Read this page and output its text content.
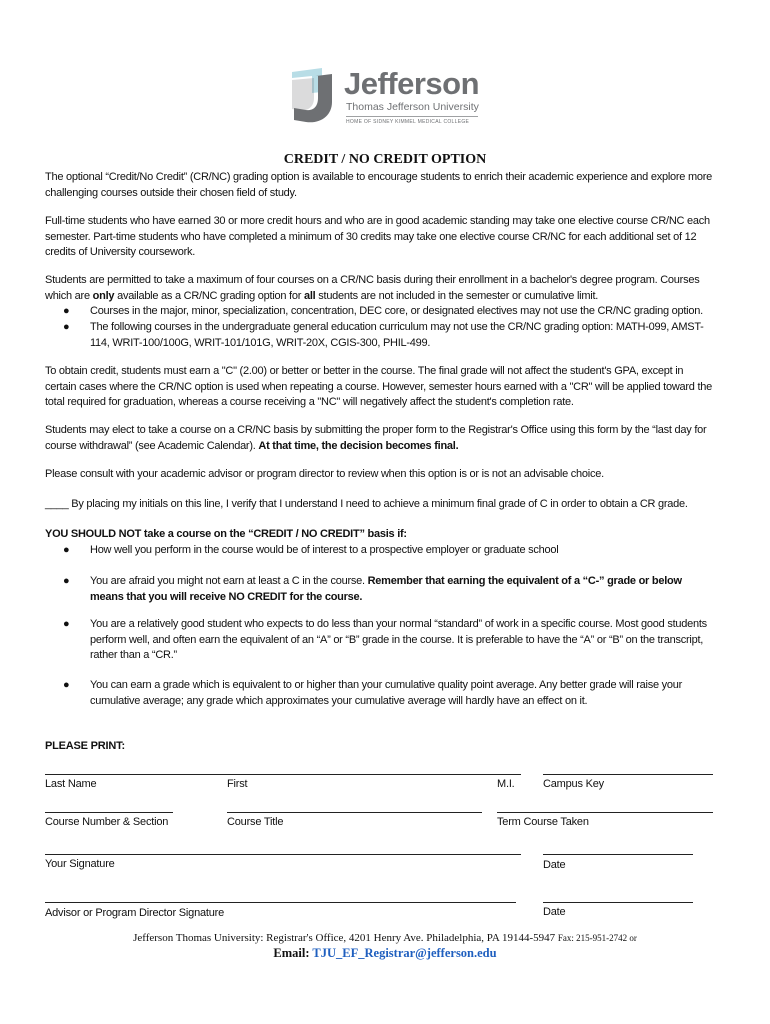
Jefferson
Thomas Jefferson University
HOME OF SIDNEY KIMMEL MEDICAL COLLEGE
CREDIT / NO CREDIT OPTION

The optional “Credit/No Credit” (CR/NC) grading option is available to encourage students to enrich their academic experience and explore more challenging courses outside their chosen field of study.

Full-time students who have earned 30 or more credit hours and who are in good academic standing may take one elective course CR/NC each semester. Part-time students who have completed a minimum of 30 credits may take one elective course CR/NC for each additional set of 12 credits of University coursework.

Students are permitted to take a maximum of four courses on a CR/NC basis during their enrollment in a bachelor's degree program. Courses which are only available as a CR/NC grading option for all students are not included in the semester or cumulative limit.

● Courses in the major, minor, specialization, concentration, DEC core, or designated electives may not use the CR/NC grading option.

● The following courses in the undergraduate general education curriculum may not use the CR/NC grading option: MATH-099, AMST-114, WRIT-100/100G, WRIT-101/101G, WRIT-20X, CGIS-300, PHIL-499.

To obtain credit, students must earn a "C" (2.00) or better or better in the course. The final grade will not affect the student's GPA, except in certain cases where the CR/NC option is used when repeating a course. However, semester hours earned with a "CR" will be applied toward the total required for graduation, whereas a course receiving a "NC" will negatively affect the student's completion rate.

Students may elect to take a course on a CR/NC basis by submitting the proper form to the Registrar's Office using this form by the “last day for course withdrawal” (see Academic Calendar). At that time, the decision becomes final.

Please consult with your academic advisor or program director to review when this option is or is not an advisable choice.

____ By placing my initials on this line, I verify that I understand I need to achieve a minimum final grade of C in order to obtain a CR grade.

YOU SHOULD NOT take a course on the “CREDIT / NO CREDIT” basis if:

● How well you perform in the course would be of interest to a prospective employer or graduate school

● You are afraid you might not earn at least a C in the course. Remember that earning the equivalent of a “C-” grade or below means that you will receive NO CREDIT for the course.

● You are a relatively good student who expects to do less than your normal “standard” of work in a specific course. Most good students perform well, and often earn the equivalent of an “A” or “B” grade in the course. It is preferable to have the “A” or “B” on the transcript, rather than a “CR.”

● You can earn a grade which is equivalent to or higher than your cumulative quality point average. Any better grade will raise your cumulative average; any grade which approximates your cumulative average will hardly have an effect on it.

PLEASE PRINT:
Last Name	First	M.I.	Campus Key
Course Number & Section	Course Title	Term Course Taken
Your Signature	Date
Advisor or Program Director Signature	Date
Jefferson Thomas University: Registrar's Office, 4201 Henry Ave. Philadelphia, PA 19144-5947 Fax: 215-951-2742 or
Email: TJU_EF_Registrar@jefferson.edu
